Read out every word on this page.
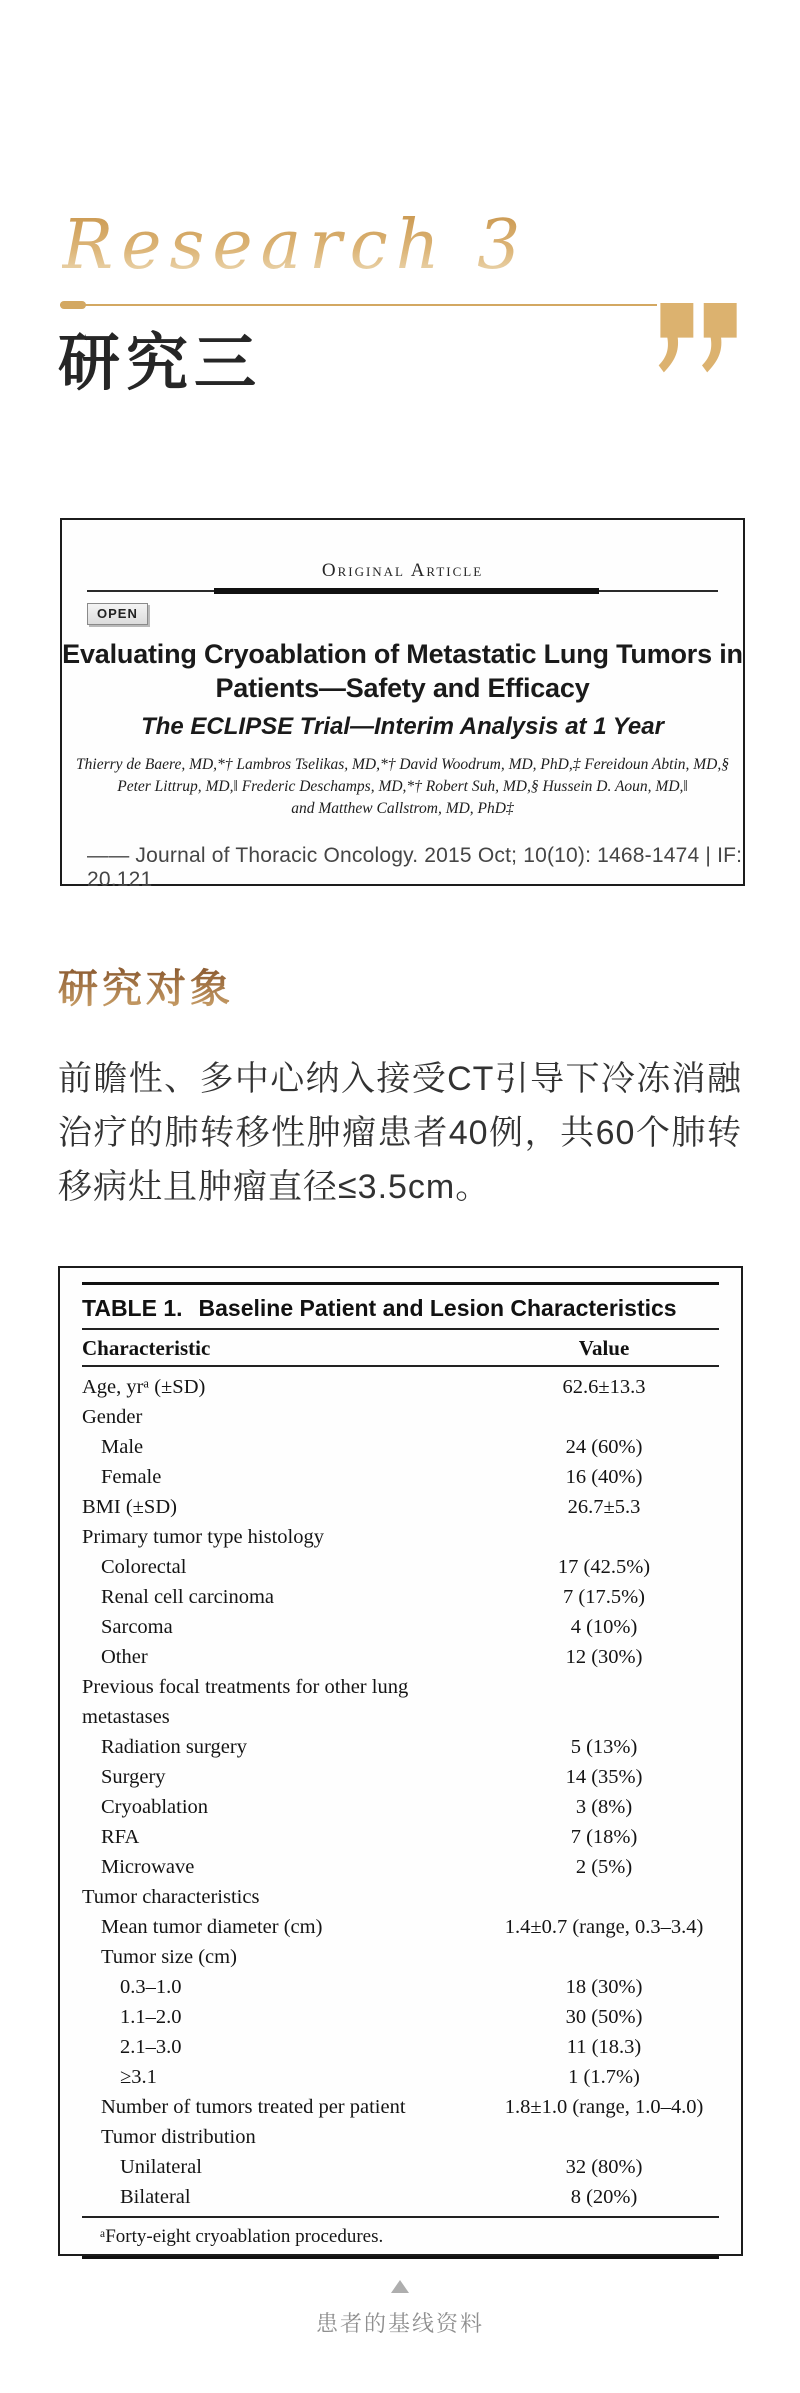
Research 3
研究三
Original Article
OPEN
Evaluating Cryoablation of Metastatic Lung Tumors in
Patients—Safety and Efficacy
The ECLIPSE Trial—Interim Analysis at 1 Year
Thierry de Baere, MD,*† Lambros Tselikas, MD,*† David Woodrum, MD, PhD,‡ Fereidoun Abtin, MD,§
Peter Littrup, MD,‖ Frederic Deschamps, MD,*† Robert Suh, MD,§ Hussein D. Aoun, MD,‖
and Matthew Callstrom, MD, PhD‡
—— Journal of Thoracic Oncology. 2015 Oct; 10(10): 1468-1474 | IF: 20.121
研究对象
前瞻性、多中心纳入接受CT引导下冷冻消融治疗的肺转移性肿瘤患者40例，共60个肺转移病灶且肿瘤直径≤3.5cm。
TABLE 1. Baseline Patient and Lesion Characteristics
Characteristic	Value
Age, yrᵃ (±SD)	62.6±13.3
Gender
Male	24 (60%)
Female	16 (40%)
BMI (±SD)	26.7±5.3
Primary tumor type histology
Colorectal	17 (42.5%)
Renal cell carcinoma	7 (17.5%)
Sarcoma	4 (10%)
Other	12 (30%)
Previous focal treatments for other lung metastases
Radiation surgery	5 (13%)
Surgery	14 (35%)
Cryoablation	3 (8%)
RFA	7 (18%)
Microwave	2 (5%)
Tumor characteristics
Mean tumor diameter (cm)	1.4±0.7 (range, 0.3–3.4)
Tumor size (cm)
0.3–1.0	18 (30%)
1.1–2.0	30 (50%)
2.1–3.0	11 (18.3)
≥3.1	1 (1.7%)
Number of tumors treated per patient	1.8±1.0 (range, 1.0–4.0)
Tumor distribution
Unilateral	32 (80%)
Bilateral	8 (20%)
ᵃForty-eight cryoablation procedures.
患者的基线资料
